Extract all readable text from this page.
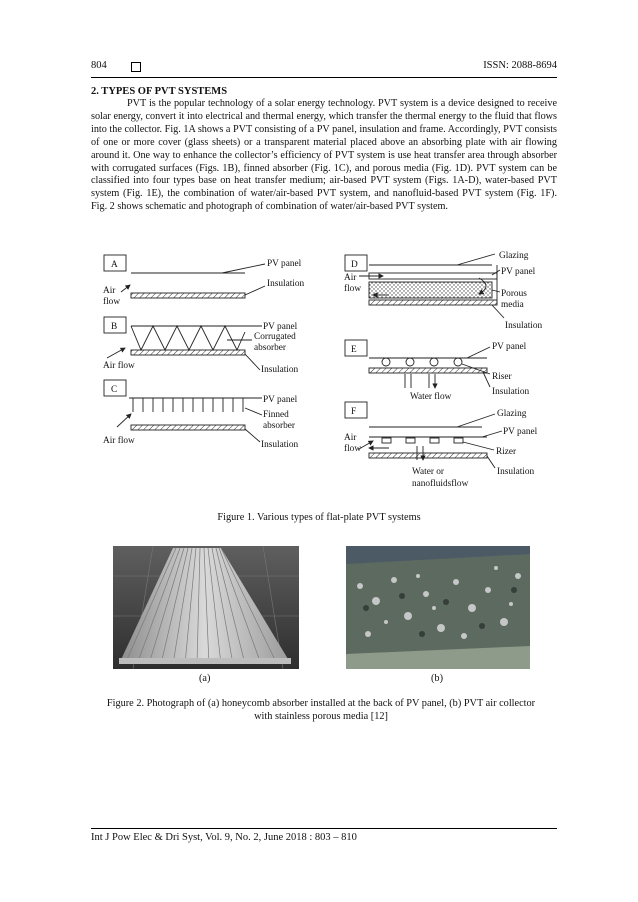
804	ISSN: 2088-8694
2. TYPES OF PVT SYSTEMS

PVT is the popular technology of a solar energy technology. PVT system is a device designed to receive solar energy, convert it into electrical and thermal energy, which transfer the thermal energy to the fluid that flows into the collector. Fig. 1A shows a PVT consisting of a PV panel, insulation and frame. Accordingly, PVT consists of one or more cover (glass sheets) or a transparent material placed above an absorbing plate with air flowing around it. One way to enhance the collector’s efficiency of PVT system is use heat transfer area through absorber with corrugated surfaces (Figs. 1B), finned absorber (Fig. 1C), and porous media (Fig. 1D). PVT system can be classified into four types base on heat transfer medium; air-based PVT system (Figs. 1A-D), water-based PVT system (Fig. 1E), the combination of water/air-based PVT system, and nanofluid-based PVT system (Fig. 1F). Fig. 2 shows schematic and photograph of combination of water/air-based PVT system.

A	PV panel
Insulation
Air
flow
B	PV panel
Corrugated
absorber
Insulation
Air flow
C
PV panel
Finned
absorber
Insulation
Air flow
D
Glazing
PV panel
Porous
media
Insulation
Air
flow
E	PV panel
Riser
Insulation
Water flow
F	Glazing
PV panel
Rizer
Insulation
Air
flow
Water or
nanofluidsflow
Figure 1. Various types of flat-plate PVT systems
(a)	(b)
Figure 2. Photograph of (a) honeycomb absorber installed at the back of PV panel, (b) PVT air collector
with stainless porous media [12]
Int J Pow Elec & Dri Syst, Vol. 9, No. 2, June 2018 : 803 – 810
